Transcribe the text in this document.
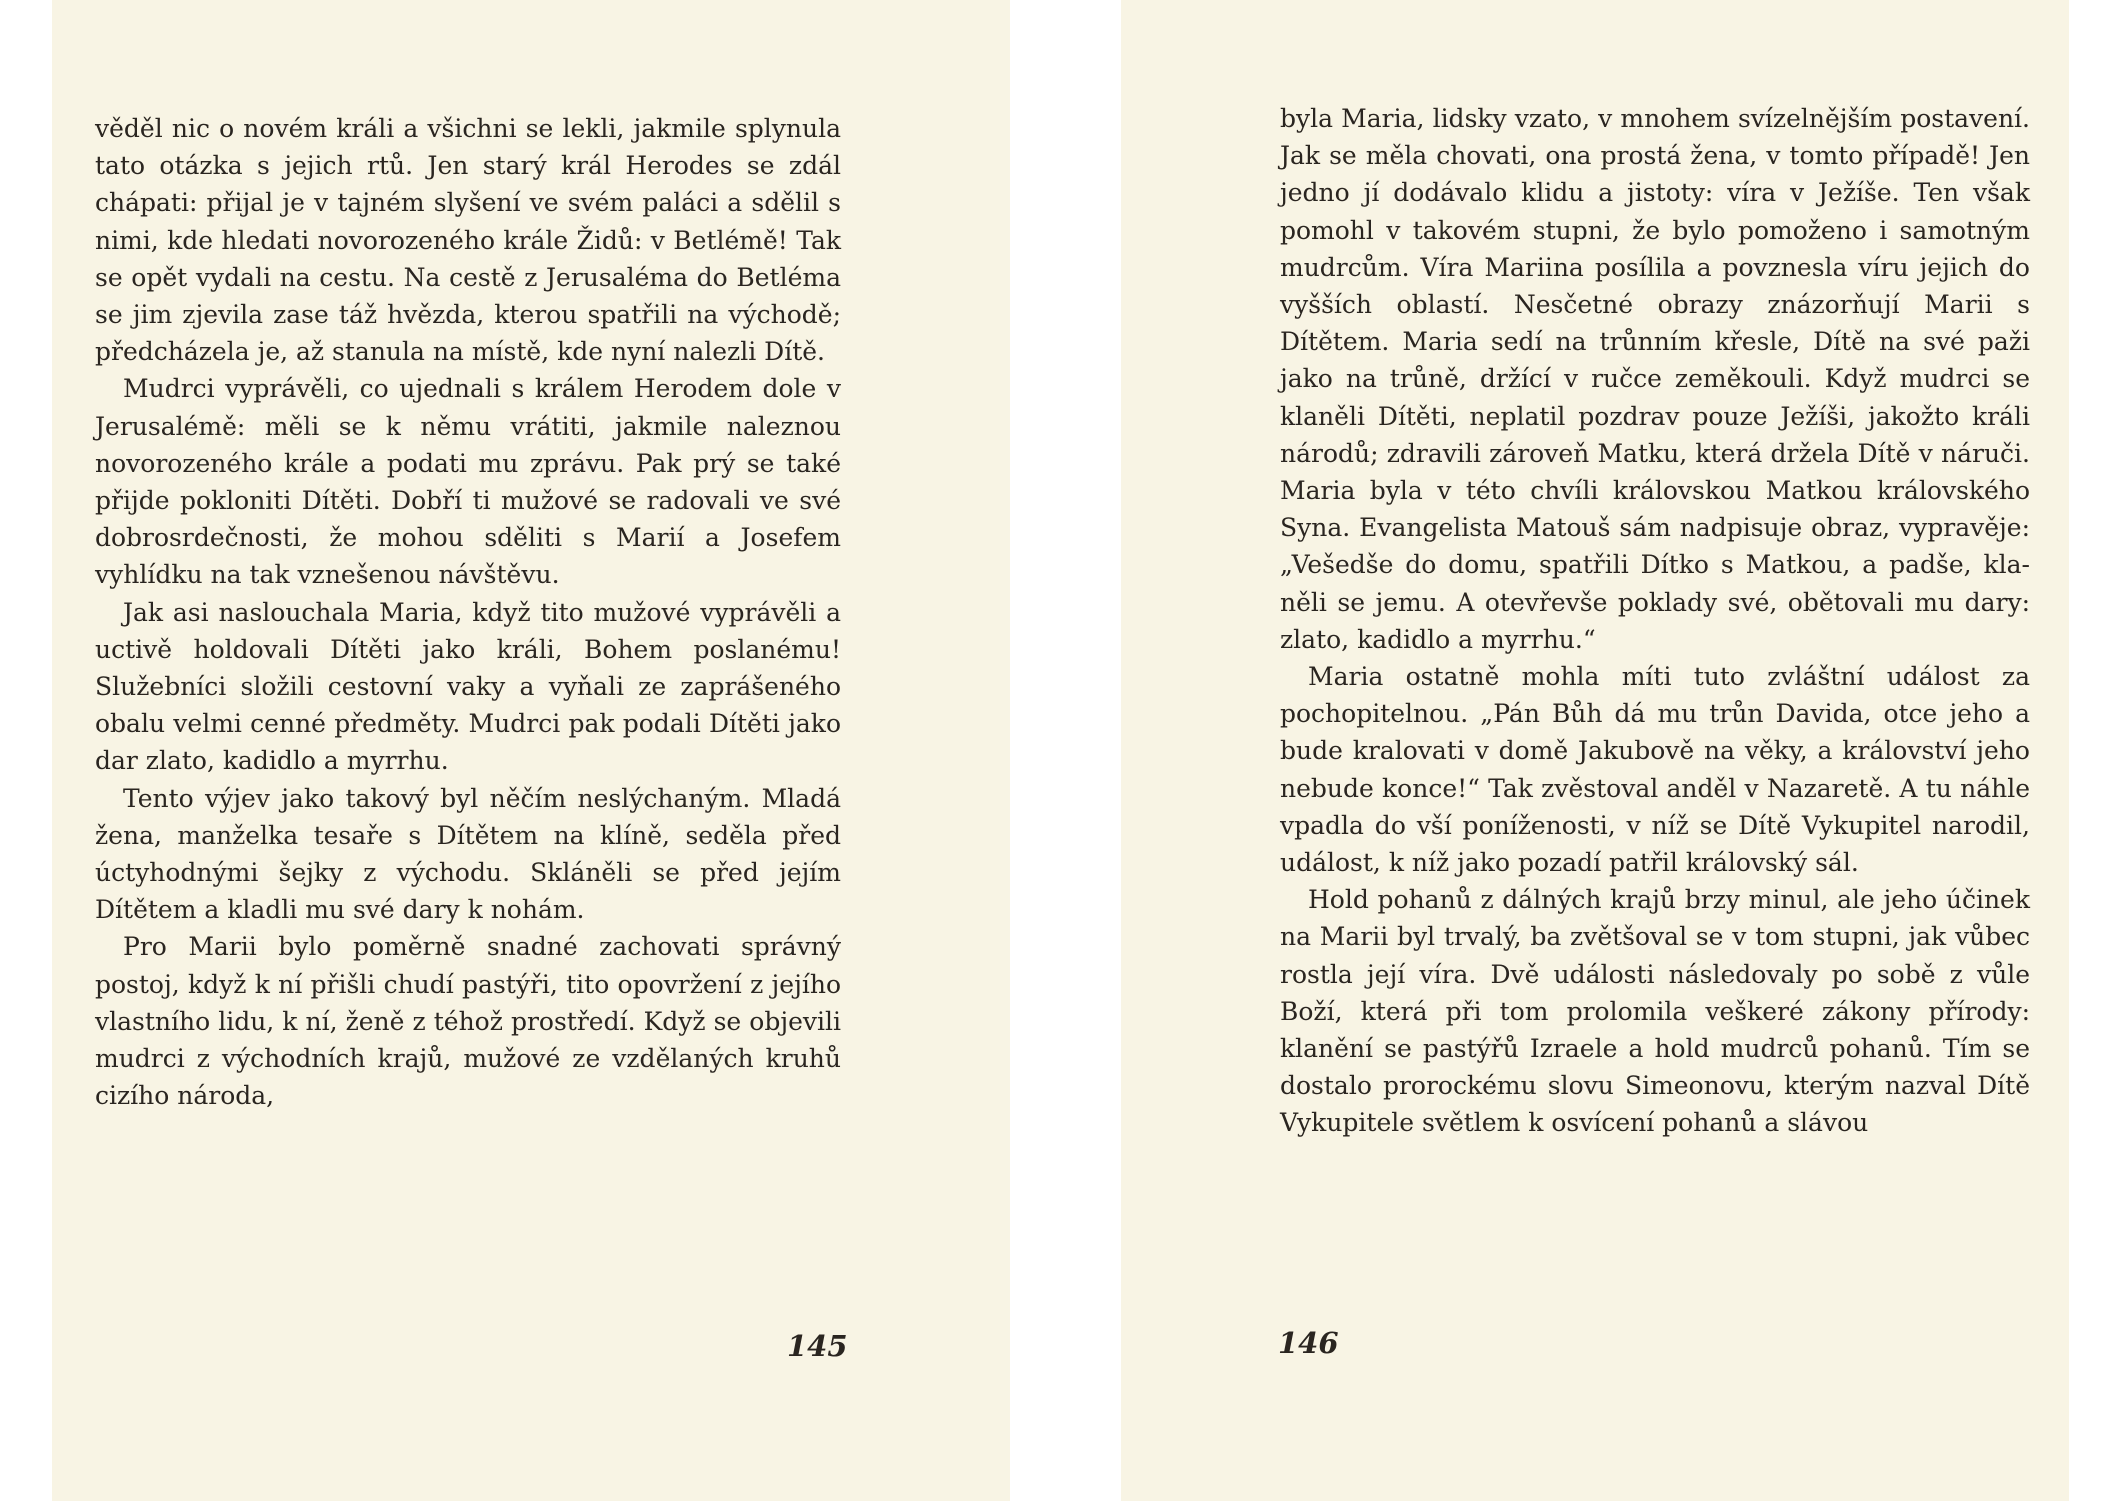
věděl nic o novém králi a všichni se lekli, jakmile splynula tato otázka s jejich rtů. Jen starý král Herodes se zdál chápati: přijal je v tajném slyšení ve svém paláci a sdělil s nimi, kde hledati novorozeného krále Židů: v Betlémě! Tak se opět vydali na cestu. Na cestě z Jerusaléma do Betléma se jim zjevila zase táž hvězda, kterou spatřili na východě; předcházela je, až stanula na místě, kde nyní nalezli Dítě.

Mudrci vyprávěli, co ujednali s králem Herodem dole v Jerusalémě: měli se k němu vrátiti, jakmile naleznou novorozeného krále a podati mu zprávu. Pak prý se také přijde pokloniti Dítěti. Dobří ti mužové se radovali ve své dobrosrdečnosti, že mohou sděliti s Marií a Josefem vyhlídku na tak vznešenou návštěvu.

Jak asi naslouchala Maria, když tito mužové vyprávěli a uctivě holdovali Dítěti jako králi, Bohem poslanému! Služebníci složili cestovní vaky a vyňali ze zaprášeného obalu velmi cenné předměty. Mudrci pak podali Dítěti jako dar zlato, kadidlo a myrrhu.

Tento výjev jako takový byl něčím neslýchaným. Mladá žena, manželka tesaře s Dítětem na klíně, seděla před úctyhodnými šejky z východu. Skláněli se před jejím Dítětem a kladli mu své dary k nohám.

Pro Marii bylo poměrně snadné zachovati správný postoj, když k ní přišli chudí pastýři, tito opovržení z jejího vlastního lidu, k ní, ženě z téhož prostředí. Když se objevili mudrci z východních krajů, mužové ze vzdělaných kruhů cizího národa,

145

byla Maria, lidsky vzato, v mnohem svízelnějším postavení. Jak se měla chovati, ona prostá žena, v tomto případě! Jen jedno jí dodávalo klidu a jistoty: víra v Ježíše. Ten však pomohl v takovém stupni, že bylo pomoženo i samotným mudrcům. Víra Mariina posílila a povznesla víru jejich do vyšších oblastí. Nesčetné obrazy znázorňují Marii s Dítětem. Maria sedí na trůnním křesle, Dítě na své paži jako na trůně, držící v ručce zeměkouli. Když mudrci se klaněli Dítěti, neplatil pozdrav pouze Ježíši, jakožto králi národů; zdravili zároveň Matku, která držela Dítě v náruči. Maria byla v této chvíli královskou Matkou královského Syna. Evangelista Matouš sám nadpisuje obraz, vypravěje: „Vešedše do domu, spatřili Dítko s Matkou, a padše, klaněli se jemu. A otevřevše poklady své, obětovali mu dary: zlato, kadidlo a myrrhu.“

Maria ostatně mohla míti tuto zvláštní událost za pochopitelnou. „Pán Bůh dá mu trůn Davida, otce jeho a bude kralovati v domě Jakubově na věky, a království jeho nebude konce!“ Tak zvěstoval anděl v Nazaretě. A tu náhle vpadla do vší poníženosti, v níž se Dítě Vykupitel narodil, událost, k níž jako pozadí patřil královský sál.

Hold pohanů z dálných krajů brzy minul, ale jeho účinek na Marii byl trvalý, ba zvětšoval se v tom stupni, jak vůbec rostla její víra. Dvě události následovaly po sobě z vůle Boží, která při tom prolomila veškeré zákony přírody: klanění se pastýřů Izraele a hold mudrců pohanů. Tím se dostalo prorockému slovu Simeonovu, kterým nazval Dítě Vykupitele světlem k osvícení pohanů a slávou

146
